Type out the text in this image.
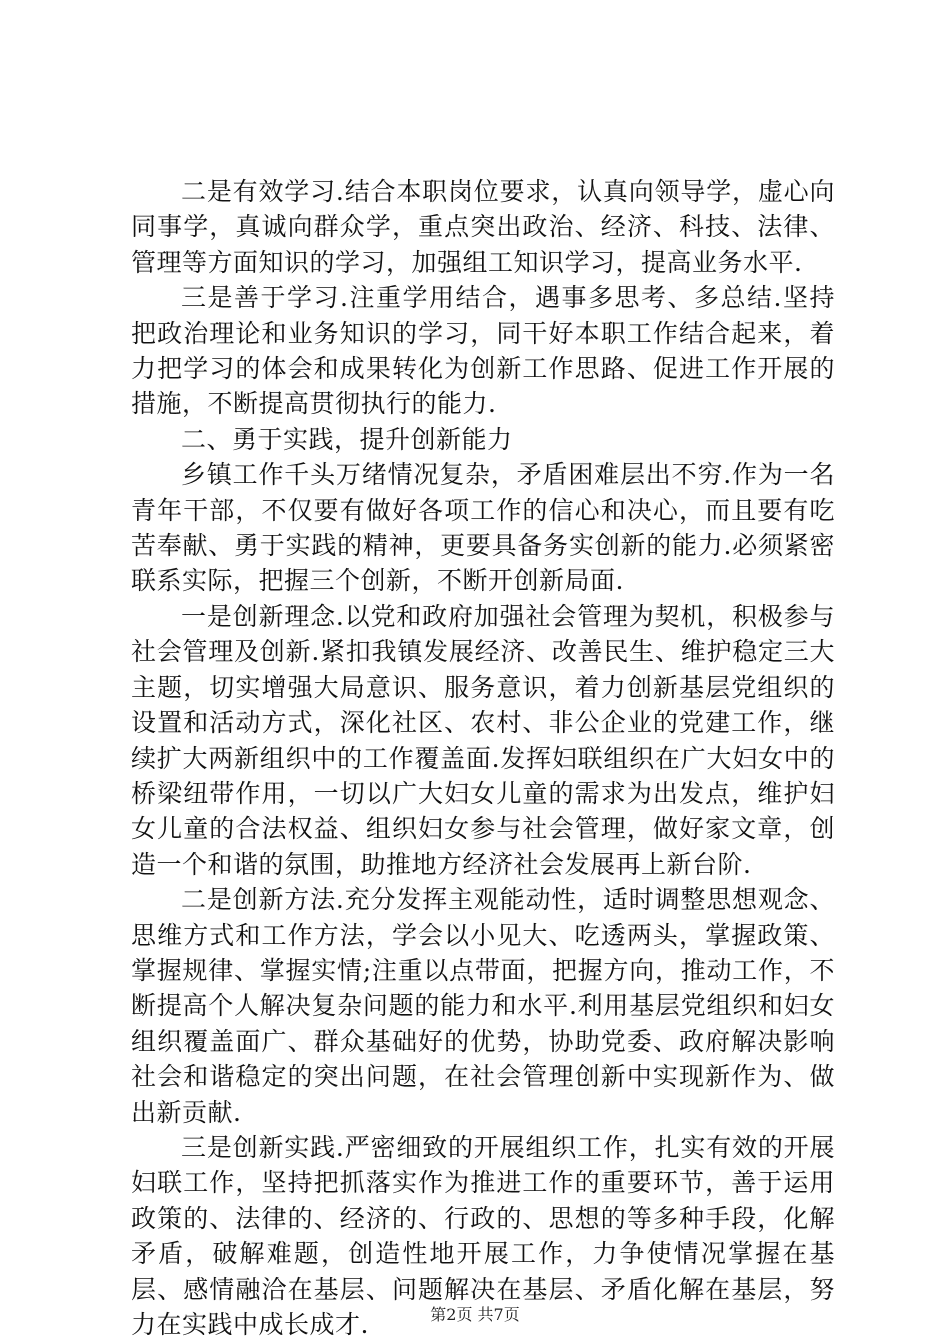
二是有效学习.结合本职岗位要求，认真向领导学，虚心向同事学，真诚向群众学，重点突出政治、经济、科技、法律、管理等方面知识的学习，加强组工知识学习，提高业务水平.

三是善于学习.注重学用结合，遇事多思考、多总结.坚持把政治理论和业务知识的学习，同干好本职工作结合起来，着力把学习的体会和成果转化为创新工作思路、促进工作开展的措施，不断提高贯彻执行的能力.

二、勇于实践，提升创新能力

乡镇工作千头万绪情况复杂，矛盾困难层出不穷.作为一名青年干部，不仅要有做好各项工作的信心和决心，而且要有吃苦奉献、勇于实践的精神，更要具备务实创新的能力.必须紧密联系实际，把握三个创新，不断开创新局面.

一是创新理念.以党和政府加强社会管理为契机，积极参与社会管理及创新.紧扣我镇发展经济、改善民生、维护稳定三大主题，切实增强大局意识、服务意识，着力创新基层党组织的设置和活动方式，深化社区、农村、非公企业的党建工作，继续扩大两新组织中的工作覆盖面.发挥妇联组织在广大妇女中的桥梁纽带作用，一切以广大妇女儿童的需求为出发点，维护妇女儿童的合法权益、组织妇女参与社会管理，做好家文章，创造一个和谐的氛围，助推地方经济社会发展再上新台阶.

二是创新方法.充分发挥主观能动性，适时调整思想观念、思维方式和工作方法，学会以小见大、吃透两头，掌握政策、掌握规律、掌握实情;注重以点带面，把握方向，推动工作，不断提高个人解决复杂问题的能力和水平.利用基层党组织和妇女组织覆盖面广、群众基础好的优势，协助党委、政府解决影响社会和谐稳定的突出问题，在社会管理创新中实现新作为、做出新贡献.

三是创新实践.严密细致的开展组织工作，扎实有效的开展妇联工作，坚持把抓落实作为推进工作的重要环节，善于运用政策的、法律的、经济的、行政的、思想的等多种手段，化解矛盾，破解难题，创造性地开展工作，力争使情况掌握在基层、感情融洽在基层、问题解决在基层、矛盾化解在基层，努力在实践中成长成才.	第2页 共7页
